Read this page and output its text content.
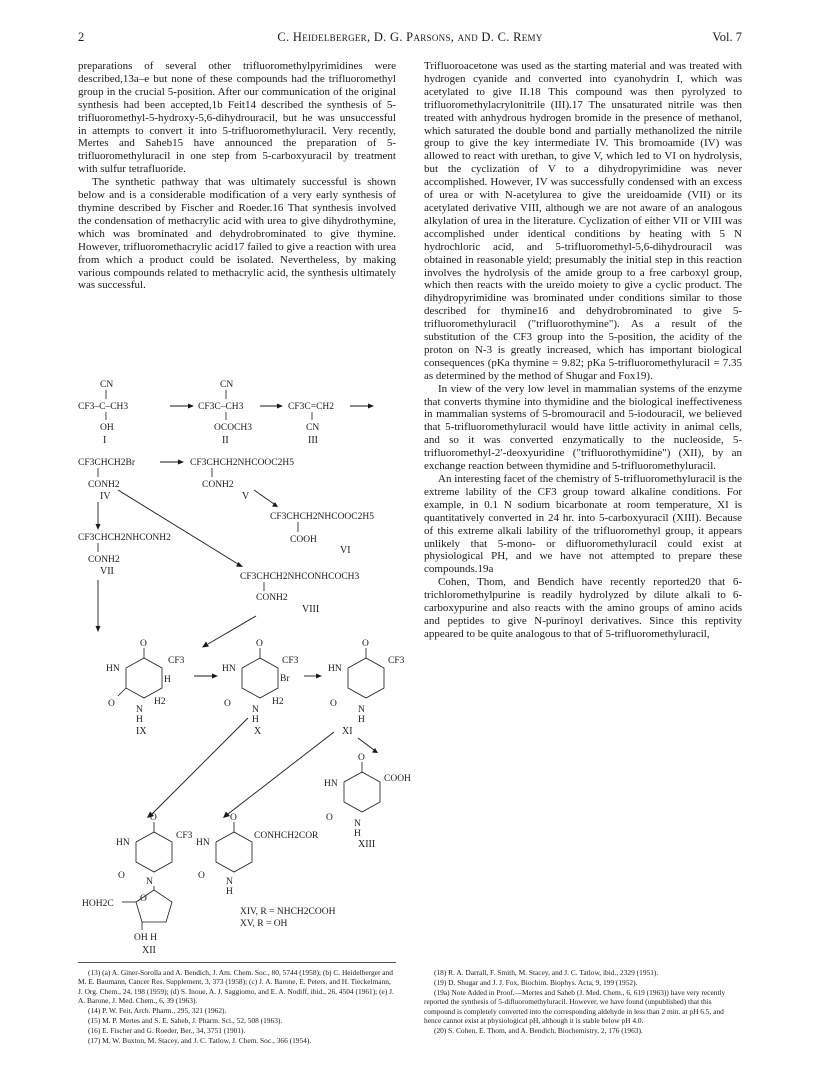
2	C. Heidelberger, D. G. Parsons, and D. C. Remy	Vol. 7

preparations of several other trifluoromethylpyrimidines were described,13a–e but none of these compounds had the trifluoromethyl group in the crucial 5-position. After our communication of the original synthesis had been accepted,1b Feit14 described the synthesis of 5-trifluoromethyl-5-hydroxy-5,6-dihydrouracil, but he was unsuccessful in attempts to convert it into 5-trifluoromethyluracil. Very recently, Mertes and Saheb15 have announced the preparation of 5-trifluoromethyluracil in one step from 5-carboxyuracil by treatment with sulfur tetrafluoride.

The synthetic pathway that was ultimately successful is shown below and is a considerable modification of a very early synthesis of thymine described by Fischer and Roeder.16 That synthesis involved the condensation of methacrylic acid with urea to give dihydrothymine, which was brominated and dehydrobrominated to give thymine. However, trifluoromethacrylic acid17 failed to give a reaction with urea from which a product could be isolated. Nevertheless, by making various compounds related to methacrylic acid, the synthesis ultimately was successful.

Trifluoroacetone was used as the starting material and was treated with hydrogen cyanide and converted into cyanohydrin I, which was acetylated to give II.18 This compound was then pyrolyzed to trifluoromethylacrylonitrile (III).17 The unsaturated nitrile was then treated with anhydrous hydrogen bromide in the presence of methanol, which saturated the double bond and partially methanolized the nitrile group to give the key intermediate IV. This bromoamide (IV) was allowed to react with urethan, to give V, which led to VI on hydrolysis, but the cyclization of V to a dihydropyrimidine was never accomplished. However, IV was successfully condensed with an excess of urea or with N-acetylurea to give the ureidoamide (VII) or its acetylated derivative VIII, although we are not aware of an analogous alkylation of urea in the literature. Cyclization of either VII or VIII was accomplished under identical conditions by heating with 5 N hydrochloric acid, and 5-trifluoromethyl-5,6-dihydrouracil was obtained in reasonable yield; presumably the initial step in this reaction involves the hydrolysis of the amide group to a free carboxyl group, which then reacts with the ureido moiety to give a cyclic product. The dihydropyrimidine was brominated under conditions similar to those described for thymine16 and dehydrobrominated to give 5-trifluoromethyluracil ("trifluorothymine"). As a result of the substitution of the CF3 group into the 5-position, the acidity of the proton on N-3 is greatly increased, which has important biological consequences (pKa thymine = 9.82; pKa 5-trifluoromethyluracil = 7.35 as determined by the method of Shugar and Fox19).

In view of the very low level in mammalian systems of the enzyme that converts thymine into thymidine and the biological ineffectiveness in mammalian systems of 5-bromouracil and 5-iodouracil, we believed that 5-trifluoromethyluracil would have little activity in animal cells, and so it was converted enzymatically to the nucleoside, 5-trifluoromethyl-2′-deoxyuridine ("trifluorothymidine") (XII), by an exchange reaction between thymidine and 5-trifluoromethyluracil.

An interesting facet of the chemistry of 5-trifluoromethyluracil is the extreme lability of the CF3 group toward alkaline conditions. For example, in 0.1 N sodium bicarbonate at room temperature, XI is quantitatively converted in 24 hr. into 5-carboxyuracil (XIII). Because of this extreme alkali lability of the trifluoromethyl group, it appears unlikely that 5-mono- or difluoromethyluracil could exist at physiological PH, and we have not attempted to prepare these compounds.19a

Cohen, Thom, and Bendich have recently reported20 that 6-trichloromethylpurine is readily hydrolyzed by dilute alkali to 6-carboxypurine and also reacts with the amino groups of amino acids and peptides to give N-purinoyl derivatives. Since this reptivity appeared to be quite analogous to that of 5-trifluoromethyluracil,

CN
CF3–C–CH3
OH
I
CN
CF3C–CH3
OCOCH3
II
CF3C=CH2
CN
III
CF3CHCH2Br
CONH2
IV
CF3CHCH2NHCOOC2H5
CONH2
V
CF3CHCH2NHCOOC2H5
COOH
VI
CF3CHCH2NHCONH2
CONH2
VII	CF3CHCH2NHCONHCOCH3
CONH2
VIII
O
HN
CF3
H
H2
O
N
H
IX
O
HN
CF3
Br
H2
O
N
H
X
O
HN
CF3
O
N
H
XI
O
HN	COOH
O
N
H
XIII
O
HN
CF3
O
N
HOH2C	O
OH H
XII
O
HN
CONHCH2COR
O
N
H
XIV, R = NHCH2COOH
XV, R = OH

(13) (a) A. Giner-Sorolla and A. Bendich, J. Am. Chem. Soc., 80, 5744 (1958); (b) C. Heidelberger and M. E. Baumann, Cancer Res. Supplement, 3, 373 (1958); (c) J. A. Barone, E. Peters, and H. Tieckelmann, J. Org. Chem., 24, 198 (1959); (d) S. Inoue, A. J. Saggiomo, and E. A. Nodiff, ibid., 26, 4504 (1961); (e) J. A. Barone, J. Med. Chem., 6, 39 (1963).

(14) P. W. Feit, Arch. Pharm., 295, 321 (1962).

(15) M. P. Mertes and S. E. Saheb, J. Pharm. Sci., 52, 508 (1963).

(16) E. Fischer and G. Roeder, Ber., 34, 3751 (1901).

(17) M. W. Buxton, M. Stacey, and J. C. Tatlow, J. Chem. Soc., 366 (1954).

(18) R. A. Darrall, F. Smith, M. Stacey, and J. C. Tatlow, ibid., 2329 (1951).

(19) D. Shugar and J. J. Fox, Biochim. Biophys. Acta, 9, 199 (1952).

(19a) Note Added in Proof.—Mertes and Saheb (J. Med. Chem., 6, 619 (1963)) have very recently reported the synthesis of 5-difluoromethyluracil. However, we have found (unpublished) that this compound is completely converted into the corresponding aldehyde in less than 2 min. at pH 6.5, and hence cannot exist at physiological pH, although it is stable below pH 4.0.

(20) S. Cohen, E. Thom, and A. Bendich, Biochemistry, 2, 176 (1963).
